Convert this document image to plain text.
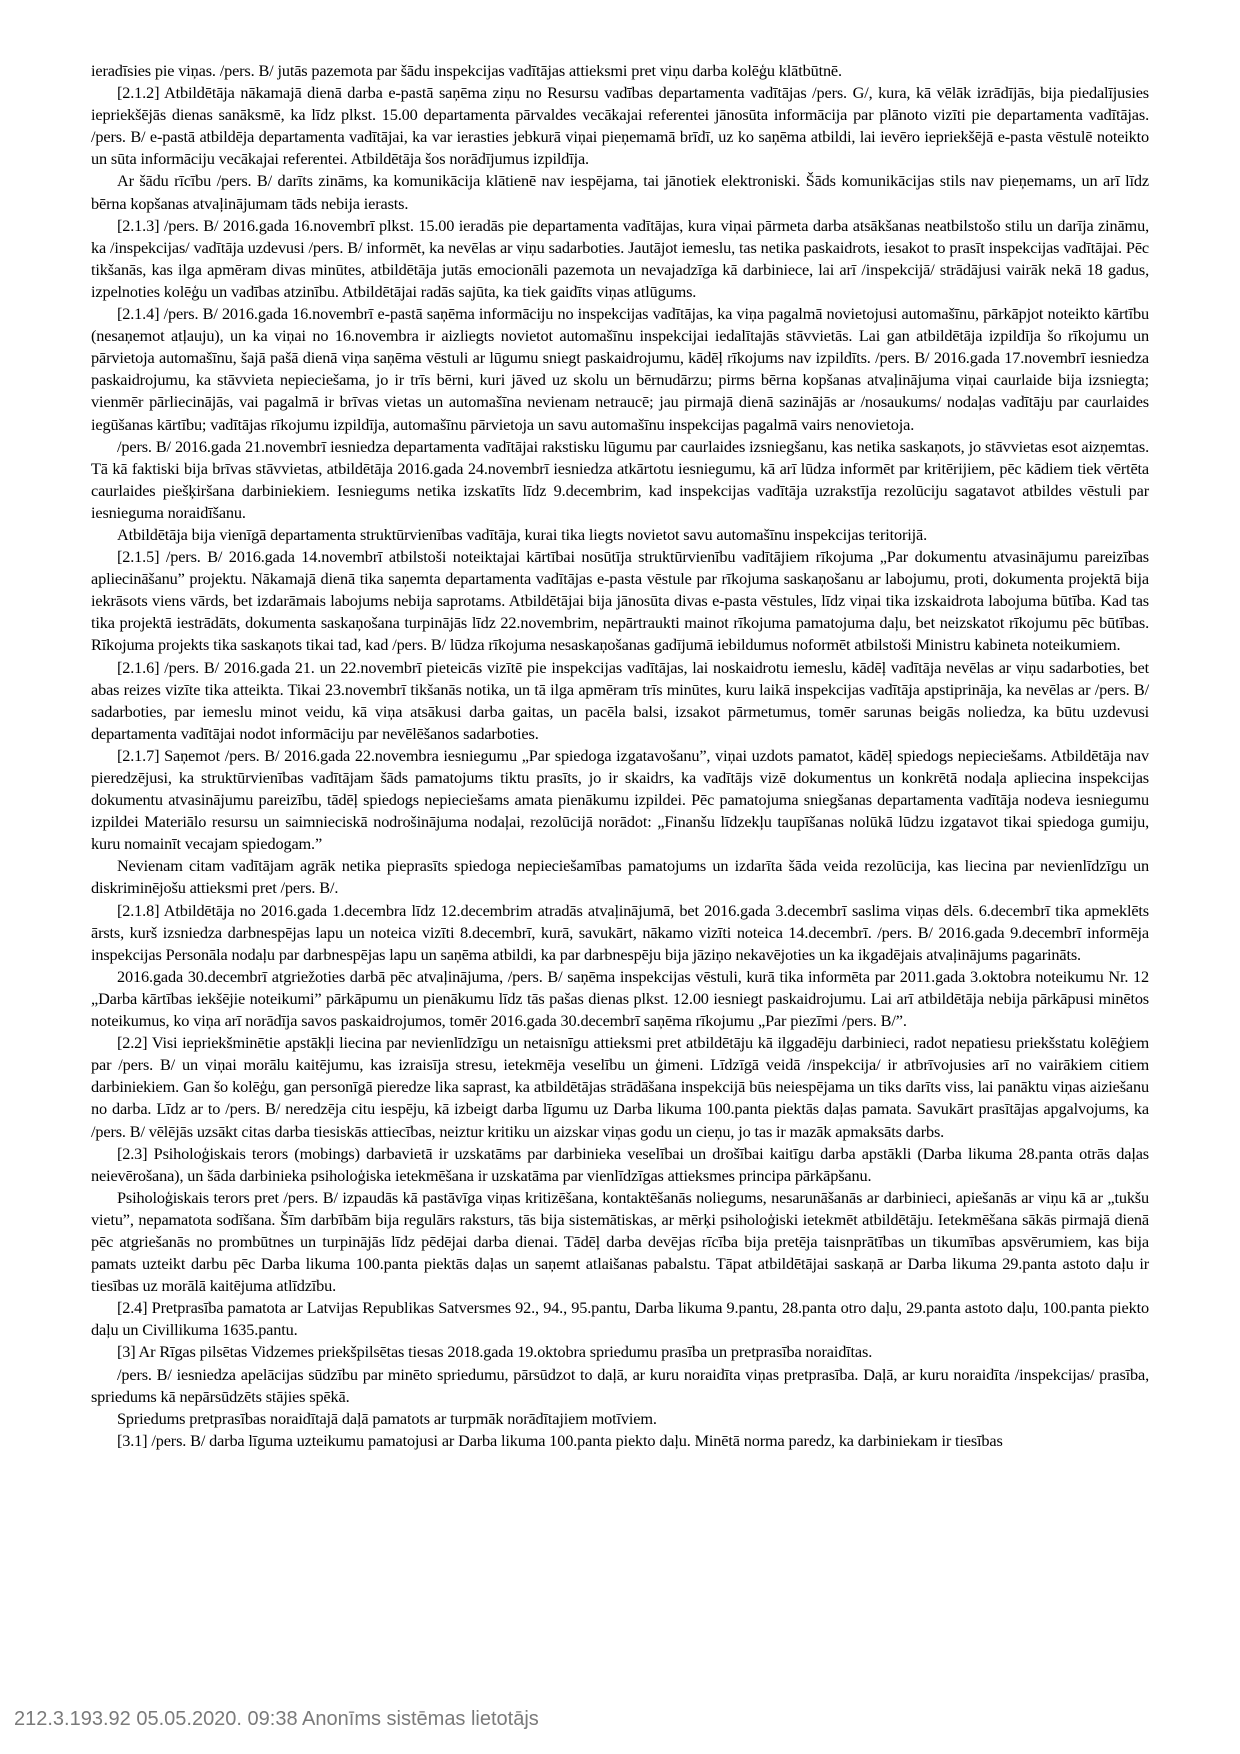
ieradīsies pie viņas. /pers. B/ jutās pazemota par šādu inspekcijas vadītājas attieksmi pret viņu darba kolēģu klātbūtnē.

[2.1.2] Atbildētāja nākamajā dienā darba e-pastā saņēma ziņu no Resursu vadības departamenta vadītājas /pers. G/, kura, kā vēlāk izrādījās, bija piedalījusies iepriekšējās dienas sanāksmē, ka līdz plkst. 15.00 departamenta pārvaldes vecākajai referentei jānosūta informācija par plānoto vizīti pie departamenta vadītājas. /pers. B/ e-pastā atbildēja departamenta vadītājai, ka var ierasties jebkurā viņai pieņemamā brīdī, uz ko saņēma atbildi, lai ievēro iepriekšējā e-pasta vēstulē noteikto un sūta informāciju vecākajai referentei. Atbildētāja šos norādījumus izpildīja.

Ar šādu rīcību /pers. B/ darīts zināms, ka komunikācija klātienē nav iespējama, tai jānotiek elektroniski. Šāds komunikācijas stils nav pieņemams, un arī līdz bērna kopšanas atvaļinājumam tāds nebija ierasts.

[2.1.3] /pers. B/ 2016.gada 16.novembrī plkst. 15.00 ieradās pie departamenta vadītājas, kura viņai pārmeta darba atsākšanas neatbilstošo stilu un darīja zināmu, ka /inspekcijas/ vadītāja uzdevusi /pers. B/ informēt, ka nevēlas ar viņu sadarboties. Jautājot iemeslu, tas netika paskaidrots, iesakot to prasīt inspekcijas vadītājai. Pēc tikšanās, kas ilga apmēram divas minūtes, atbildētāja jutās emocionāli pazemota un nevajadzīga kā darbiniece, lai arī /inspekcijā/ strādājusi vairāk nekā 18 gadus, izpelnoties kolēģu un vadības atzinību. Atbildētājai radās sajūta, ka tiek gaidīts viņas atlūgums.

[2.1.4] /pers. B/ 2016.gada 16.novembrī e-pastā saņēma informāciju no inspekcijas vadītājas, ka viņa pagalmā novietojusi automašīnu, pārkāpjot noteikto kārtību (nesaņemot atļauju), un ka viņai no 16.novembra ir aizliegts novietot automašīnu inspekcijai iedalītajās stāvvietās. Lai gan atbildētāja izpildīja šo rīkojumu un pārvietoja automašīnu, šajā pašā dienā viņa saņēma vēstuli ar lūgumu sniegt paskaidrojumu, kādēļ rīkojums nav izpildīts. /pers. B/ 2016.gada 17.novembrī iesniedza paskaidrojumu, ka stāvvieta nepieciešama, jo ir trīs bērni, kuri jāved uz skolu un bērnudārzu; pirms bērna kopšanas atvaļinājuma viņai caurlaide bija izsniegta; vienmēr pārliecinājās, vai pagalmā ir brīvas vietas un automašīna nevienam netraucē; jau pirmajā dienā sazinājās ar /nosaukums/ nodaļas vadītāju par caurlaides iegūšanas kārtību; vadītājas rīkojumu izpildīja, automašīnu pārvietoja un savu automašīnu inspekcijas pagalmā vairs nenovietoja.

/pers. B/ 2016.gada 21.novembrī iesniedza departamenta vadītājai rakstisku lūgumu par caurlaides izsniegšanu, kas netika saskaņots, jo stāvvietas esot aizņemtas. Tā kā faktiski bija brīvas stāvvietas, atbildētāja 2016.gada 24.novembrī iesniedza atkārtotu iesniegumu, kā arī lūdza informēt par kritērijiem, pēc kādiem tiek vērtēta caurlaides piešķiršana darbiniekiem. Iesniegums netika izskatīts līdz 9.decembrim, kad inspekcijas vadītāja uzrakstīja rezolūciju sagatavot atbildes vēstuli par iesnieguma noraidīšanu.

Atbildētāja bija vienīgā departamenta struktūrvienības vadītāja, kurai tika liegts novietot savu automašīnu inspekcijas teritorijā.

[2.1.5] /pers. B/ 2016.gada 14.novembrī atbilstoši noteiktajai kārtībai nosūtīja struktūrvienību vadītājiem rīkojuma „Par dokumentu atvasinājumu pareizības apliecināšanu” projektu. Nākamajā dienā tika saņemta departamenta vadītājas e-pasta vēstule par rīkojuma saskaņošanu ar labojumu, proti, dokumenta projektā bija iekrāsots viens vārds, bet izdarāmais labojums nebija saprotams. Atbildētājai bija jānosūta divas e-pasta vēstules, līdz viņai tika izskaidrota labojuma būtība. Kad tas tika projektā iestrādāts, dokumenta saskaņošana turpinājās līdz 22.novembrim, nepārtraukti mainot rīkojuma pamatojuma daļu, bet neizskatot rīkojumu pēc būtības. Rīkojuma projekts tika saskaņots tikai tad, kad /pers. B/ lūdza rīkojuma nesaskaņošanas gadījumā iebildumus noformēt atbilstoši Ministru kabineta noteikumiem.

[2.1.6] /pers. B/ 2016.gada 21. un 22.novembrī pieteicās vizītē pie inspekcijas vadītājas, lai noskaidrotu iemeslu, kādēļ vadītāja nevēlas ar viņu sadarboties, bet abas reizes vizīte tika atteikta. Tikai 23.novembrī tikšanās notika, un tā ilga apmēram trīs minūtes, kuru laikā inspekcijas vadītāja apstiprināja, ka nevēlas ar /pers. B/ sadarboties, par iemeslu minot veidu, kā viņa atsākusi darba gaitas, un pacēla balsi, izsakot pārmetumus, tomēr sarunas beigās noliedza, ka būtu uzdevusi departamenta vadītājai nodot informāciju par nevēlēšanos sadarboties.

[2.1.7] Saņemot /pers. B/ 2016.gada 22.novembra iesniegumu „Par spiedoga izgatavošanu”, viņai uzdots pamatot, kādēļ spiedogs nepieciešams. Atbildētāja nav pieredzējusi, ka struktūrvienības vadītājam šāds pamatojums tiktu prasīts, jo ir skaidrs, ka vadītājs vizē dokumentus un konkrētā nodaļa apliecina inspekcijas dokumentu atvasinājumu pareizību, tādēļ spiedogs nepieciešams amata pienākumu izpildei. Pēc pamatojuma sniegšanas departamenta vadītāja nodeva iesniegumu izpildei Materiālo resursu un saimnieciskā nodrošinājuma nodaļai, rezolūcijā norādot: „Finanšu līdzekļu taupīšanas nolūkā lūdzu izgatavot tikai spiedoga gumiju, kuru nomainīt vecajam spiedogam.”

Nevienam citam vadītājam agrāk netika pieprasīts spiedoga nepieciešamības pamatojums un izdarīta šāda veida rezolūcija, kas liecina par nevienlīdzīgu un diskriminējošu attieksmi pret /pers. B/.

[2.1.8] Atbildētāja no 2016.gada 1.decembra līdz 12.decembrim atradās atvaļinājumā, bet 2016.gada 3.decembrī saslima viņas dēls. 6.decembrī tika apmeklēts ārsts, kurš izsniedza darbnespējas lapu un noteica vizīti 8.decembrī, kurā, savukārt, nākamo vizīti noteica 14.decembrī. /pers. B/ 2016.gada 9.decembrī informēja inspekcijas Personāla nodaļu par darbnespējas lapu un saņēma atbildi, ka par darbnespēju bija jāziņo nekavējoties un ka ikgadējais atvaļinājums pagarināts.

2016.gada 30.decembrī atgriežoties darbā pēc atvaļinājuma, /pers. B/ saņēma inspekcijas vēstuli, kurā tika informēta par 2011.gada 3.oktobra noteikumu Nr. 12 „Darba kārtības iekšējie noteikumi” pārkāpumu un pienākumu līdz tās pašas dienas plkst. 12.00 iesniegt paskaidrojumu. Lai arī atbildētāja nebija pārkāpusi minētos noteikumus, ko viņa arī norādīja savos paskaidrojumos, tomēr 2016.gada 30.decembrī saņēma rīkojumu „Par piezīmi /pers. B/”.

[2.2] Visi iepriekšminētie apstākļi liecina par nevienlīdzīgu un netaisnīgu attieksmi pret atbildētāju kā ilggadēju darbinieci, radot nepatiesu priekšstatu kolēģiem par /pers. B/ un viņai morālu kaitējumu, kas izraisīja stresu, ietekmēja veselību un ģimeni. Līdzīgā veidā /inspekcija/ ir atbrīvojusies arī no vairākiem citiem darbiniekiem. Gan šo kolēģu, gan personīgā pieredze lika saprast, ka atbildētājas strādāšana inspekcijā būs neiespējama un tiks darīts viss, lai panāktu viņas aiziešanu no darba. Līdz ar to /pers. B/ neredzēja citu iespēju, kā izbeigt darba līgumu uz Darba likuma 100.panta piektās daļas pamata. Savukārt prasītājas apgalvojums, ka /pers. B/ vēlējās uzsākt citas darba tiesiskās attiecības, neiztur kritiku un aizskar viņas godu un cieņu, jo tas ir mazāk apmaksāts darbs.

[2.3] Psiholoģiskais terors (mobings) darbavietā ir uzskatāms par darbinieka veselībai un drošībai kaitīgu darba apstākli (Darba likuma 28.panta otrās daļas neievērošana), un šāda darbinieka psiholoģiska ietekmēšana ir uzskatāma par vienlīdzīgas attieksmes principa pārkāpšanu.

Psiholoģiskais terors pret /pers. B/ izpaudās kā pastāvīga viņas kritizēšana, kontaktēšanās noliegums, nesarunāšanās ar darbinieci, apiešanās ar viņu kā ar „tukšu vietu”, nepamatota sodīšana. Šīm darbībām bija regulārs raksturs, tās bija sistemātiskas, ar mērķi psiholoģiski ietekmēt atbildētāju. Ietekmēšana sākās pirmajā dienā pēc atgriešanās no prombūtnes un turpinājās līdz pēdējai darba dienai. Tādēļ darba devējas rīcība bija pretēja taisnprātības un tikumības apsvērumiem, kas bija pamats uzteikt darbu pēc Darba likuma 100.panta piektās daļas un saņemt atlaišanas pabalstu. Tāpat atbildētājai saskaņā ar Darba likuma 29.panta astoto daļu ir tiesības uz morālā kaitējuma atlīdzību.

[2.4] Pretprasība pamatota ar Latvijas Republikas Satversmes 92., 94., 95.pantu, Darba likuma 9.pantu, 28.panta otro daļu, 29.panta astoto daļu, 100.panta piekto daļu un Civillikuma 1635.pantu.

[3] Ar Rīgas pilsētas Vidzemes priekšpilsētas tiesas 2018.gada 19.oktobra spriedumu prasība un pretprasība noraidītas.

/pers. B/ iesniedza apelācijas sūdzību par minēto spriedumu, pārsūdzot to daļā, ar kuru noraidīta viņas pretprasība. Daļā, ar kuru noraidīta /inspekcijas/ prasība, spriedums kā nepārsūdzēts stājies spēkā.

Spriedums pretprasības noraidītajā daļā pamatots ar turpmāk norādītajiem motīviem.

[3.1] /pers. B/ darba līguma uzteikumu pamatojusi ar Darba likuma 100.panta piekto daļu. Minētā norma paredz, ka darbiniekam ir tiesības

212.3.193.92 05.05.2020. 09:38 Anonīms sistēmas lietotājs
